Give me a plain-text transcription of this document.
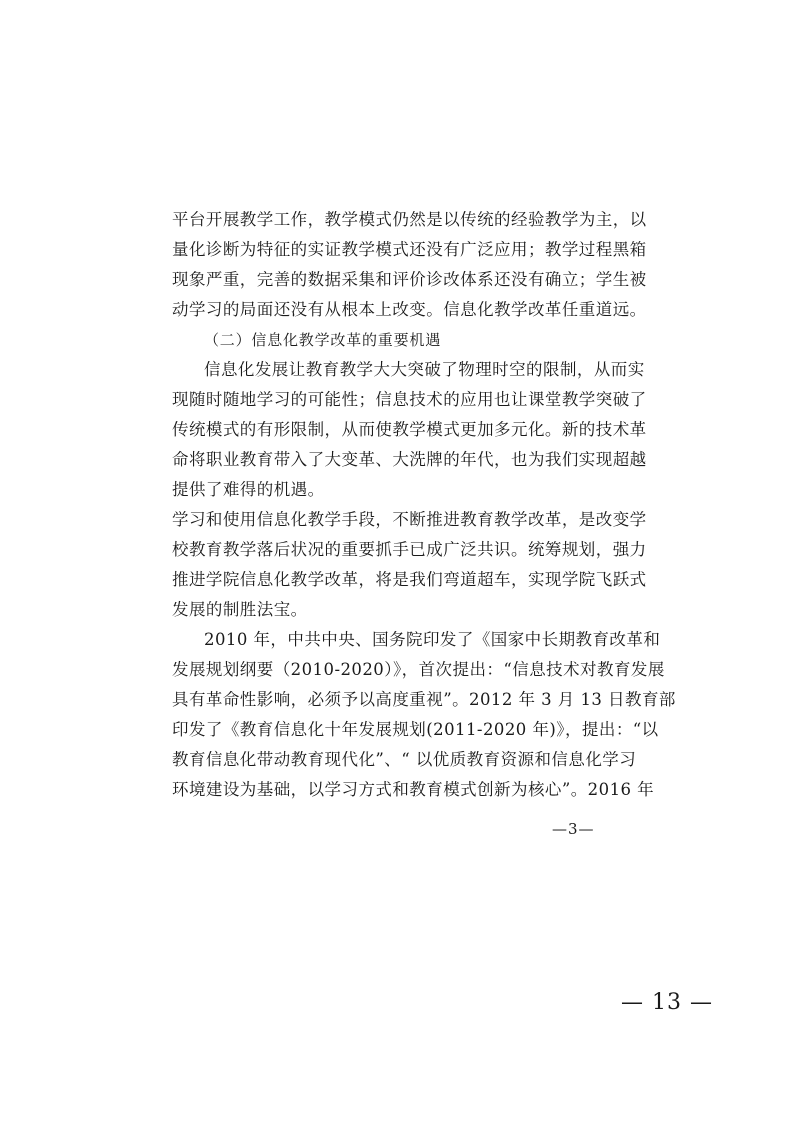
平台开展教学工作，教学模式仍然是以传统的经验教学为主，以
量化诊断为特征的实证教学模式还没有广泛应用；教学过程黑箱
现象严重，完善的数据采集和评价诊改体系还没有确立；学生被
动学习的局面还没有从根本上改变。信息化教学改革任重道远。
（二）信息化教学改革的重要机遇
信息化发展让教育教学大大突破了物理时空的限制，从而实
现随时随地学习的可能性；信息技术的应用也让课堂教学突破了
传统模式的有形限制，从而使教学模式更加多元化。新的技术革
命将职业教育带入了大变革、大洗牌的年代，也为我们实现超越
提供了难得的机遇。
学习和使用信息化教学手段，不断推进教育教学改革，是改变学
校教育教学落后状况的重要抓手已成广泛共识。统筹规划，强力
推进学院信息化教学改革，将是我们弯道超车，实现学院飞跃式
发展的制胜法宝。
2010 年，中共中央、国务院印发了《国家中长期教育改革和
发展规划纲要（2010-2020）》，首次提出：“信息技术对教育发展
具有革命性影响，必须予以高度重视”。2012 年 3 月 13 日教育部
印发了《教育信息化十年发展规划(2011-2020 年)》，提出：“以
教育信息化带动教育现代化”、“ 以优质教育资源和信息化学习
环境建设为基础，以学习方式和教育模式创新为核心”。2016 年
—3—
— 13 —
